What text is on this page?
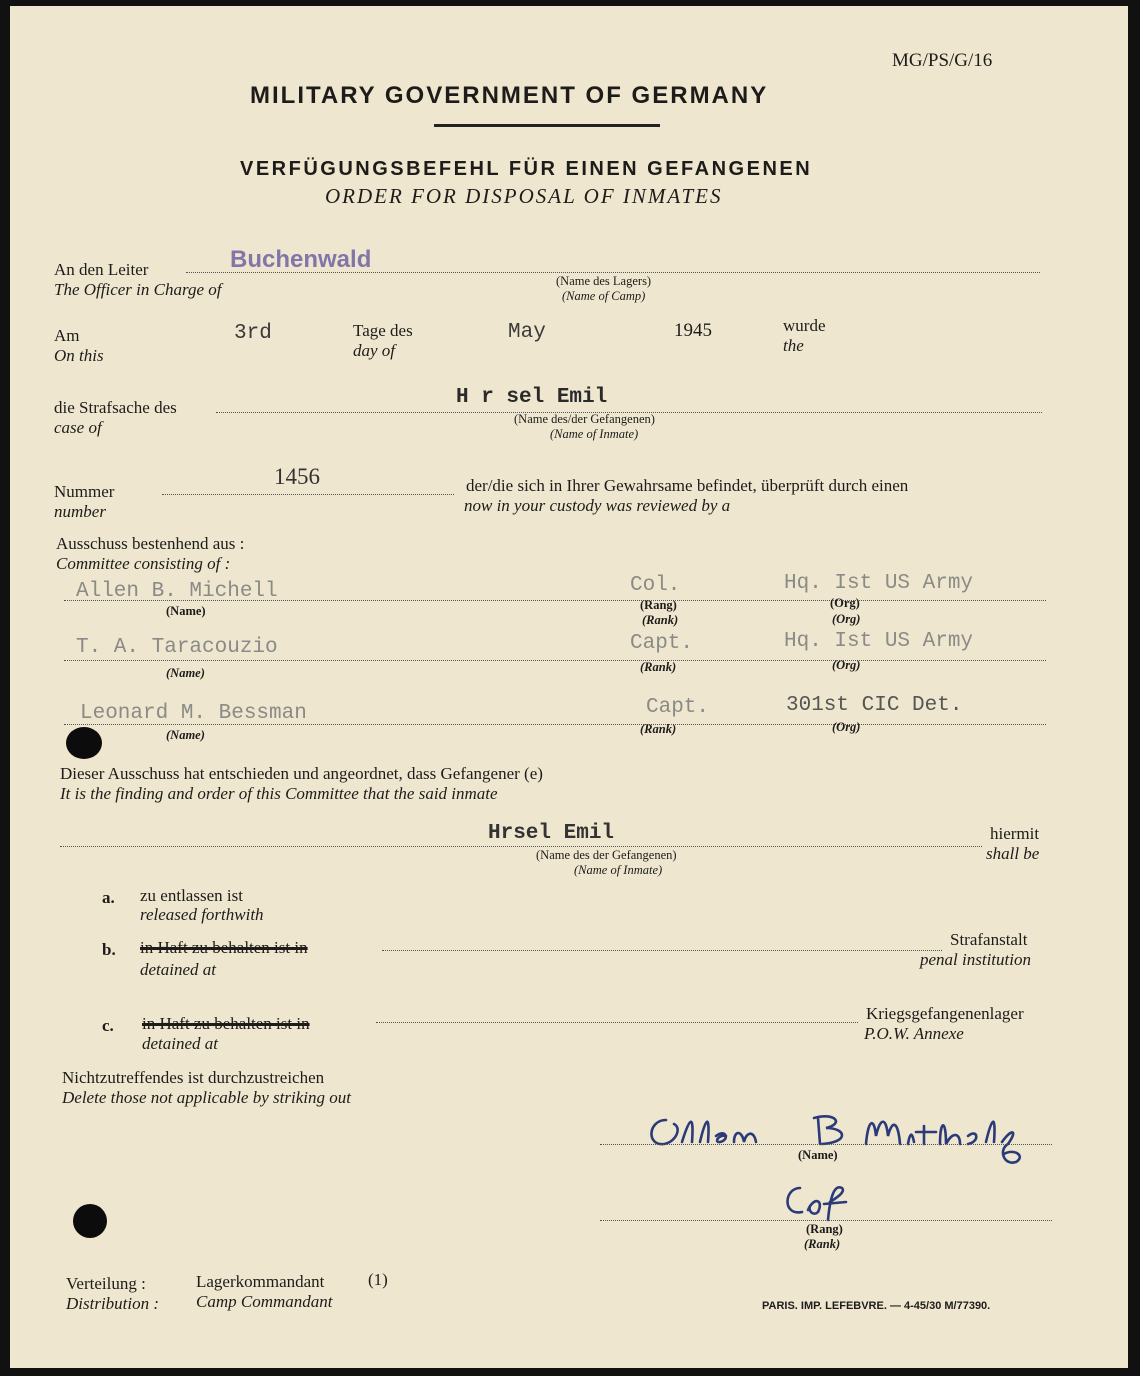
MG/PS/G/16
MILITARY GOVERNMENT OF GERMANY
VERFÜGUNGSBEFEHL FÜR EINEN GEFANGENEN
ORDER FOR DISPOSAL OF INMATES
An den Leiter
The Officer in Charge of
Buchenwald
(Name des Lagers)
(Name of Camp)
Am
On this
3rd	Tage des
day of
May	1945	wurde
the
die Strafsache des
case of
H r sel Emil
(Name des/der Gefangenen)
(Name of Inmate)
Nummer
number
1456	der/die sich in Ihrer Gewahrsame befindet, überprüft durch einen
now in your custody was reviewed by a
Ausschuss bestenhend aus :
Committee consisting of :
Allen B. Michell	Col.	Hq. Ist US Army
(Name)	(Rang)
(Rank)
(Org)
(Org)
T. A. Taracouzio	Capt.	Hq. Ist US Army
(Name)	(Rank)	(Org)
Leonard M. Bessman	Capt.	301st CIC Det.
(Name)	(Rank)	(Org)
Dieser Ausschuss hat entschieden und angeordnet, dass Gefangener (e)
It is the finding and order of this Committee that the said inmate
Hrsel Emil
(Name des der Gefangenen)
(Name of Inmate)
hiermit
shall be
a. zu entlassen ist
released forthwith
b. in Haft zu behalten ist in
detained at
Strafanstalt
penal institution
c. in Haft zu behalten ist in
detained at
Kriegsgefangenenlager
P.O.W. Annexe
Nichtzutreffendes ist durchzustreichen
Delete those not applicable by striking out
(Name)
(Rang)
(Rank)
Verteilung :
Distribution :
Lagerkommandant	(1)
Camp Commandant	PARIS. IMP. LEFEBVRE. — 4-45/30 M/77390.
